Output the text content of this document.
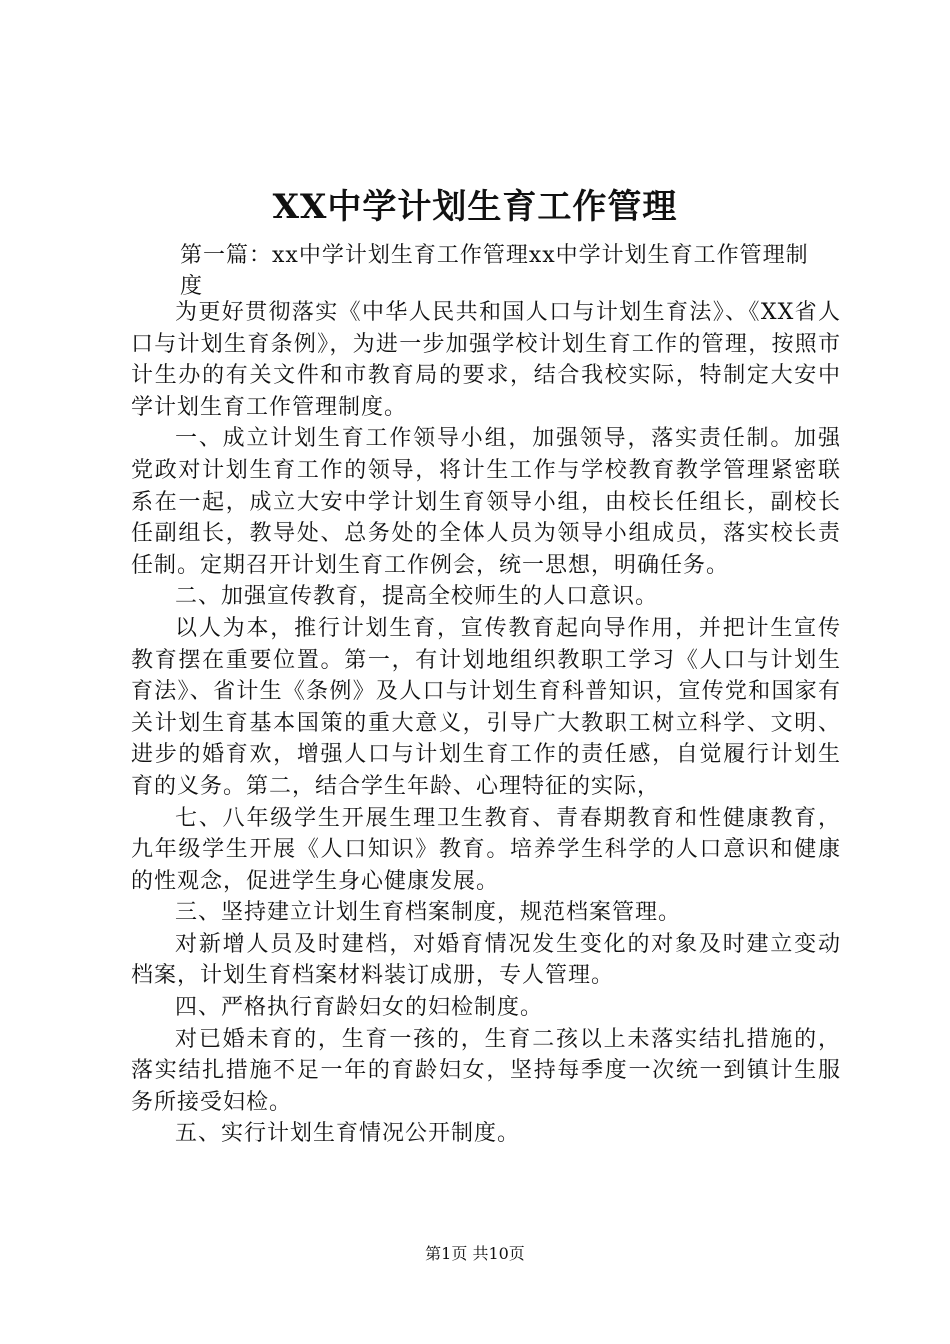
XX中学计划生育工作管理
第一篇：xx中学计划生育工作管理xx中学计划生育工作管理制度

为更好贯彻落实《中华人民共和国人口与计划生育法》、《XX省人口与计划生育条例》，为进一步加强学校计划生育工作的管理，按照市计生办的有关文件和市教育局的要求，结合我校实际，特制定大安中学计划生育工作管理制度。

一、成立计划生育工作领导小组，加强领导，落实责任制。加强党政对计划生育工作的领导，将计生工作与学校教育教学管理紧密联系在一起，成立大安中学计划生育领导小组，由校长任组长，副校长任副组长，教导处、总务处的全体人员为领导小组成员，落实校长责任制。定期召开计划生育工作例会，统一思想，明确任务。

二、加强宣传教育，提高全校师生的人口意识。

以人为本，推行计划生育，宣传教育起向导作用，并把计生宣传教育摆在重要位置。第一，有计划地组织教职工学习《人口与计划生育法》、省计生《条例》及人口与计划生育科普知识，宣传党和国家有关计划生育基本国策的重大意义，引导广大教职工树立科学、文明、进步的婚育欢，增强人口与计划生育工作的责任感，自觉履行计划生育的义务。第二，结合学生年龄、心理特征的实际，

七、八年级学生开展生理卫生教育、青春期教育和性健康教育，九年级学生开展《人口知识》教育。培养学生科学的人口意识和健康的性观念，促进学生身心健康发展。

三、坚持建立计划生育档案制度，规范档案管理。

对新增人员及时建档，对婚育情况发生变化的对象及时建立变动档案，计划生育档案材料装订成册，专人管理。

四、严格执行育龄妇女的妇检制度。

对已婚未育的，生育一孩的，生育二孩以上未落实结扎措施的，落实结扎措施不足一年的育龄妇女，坚持每季度一次统一到镇计生服务所接受妇检。

五、实行计划生育情况公开制度。

第1页 共10页
